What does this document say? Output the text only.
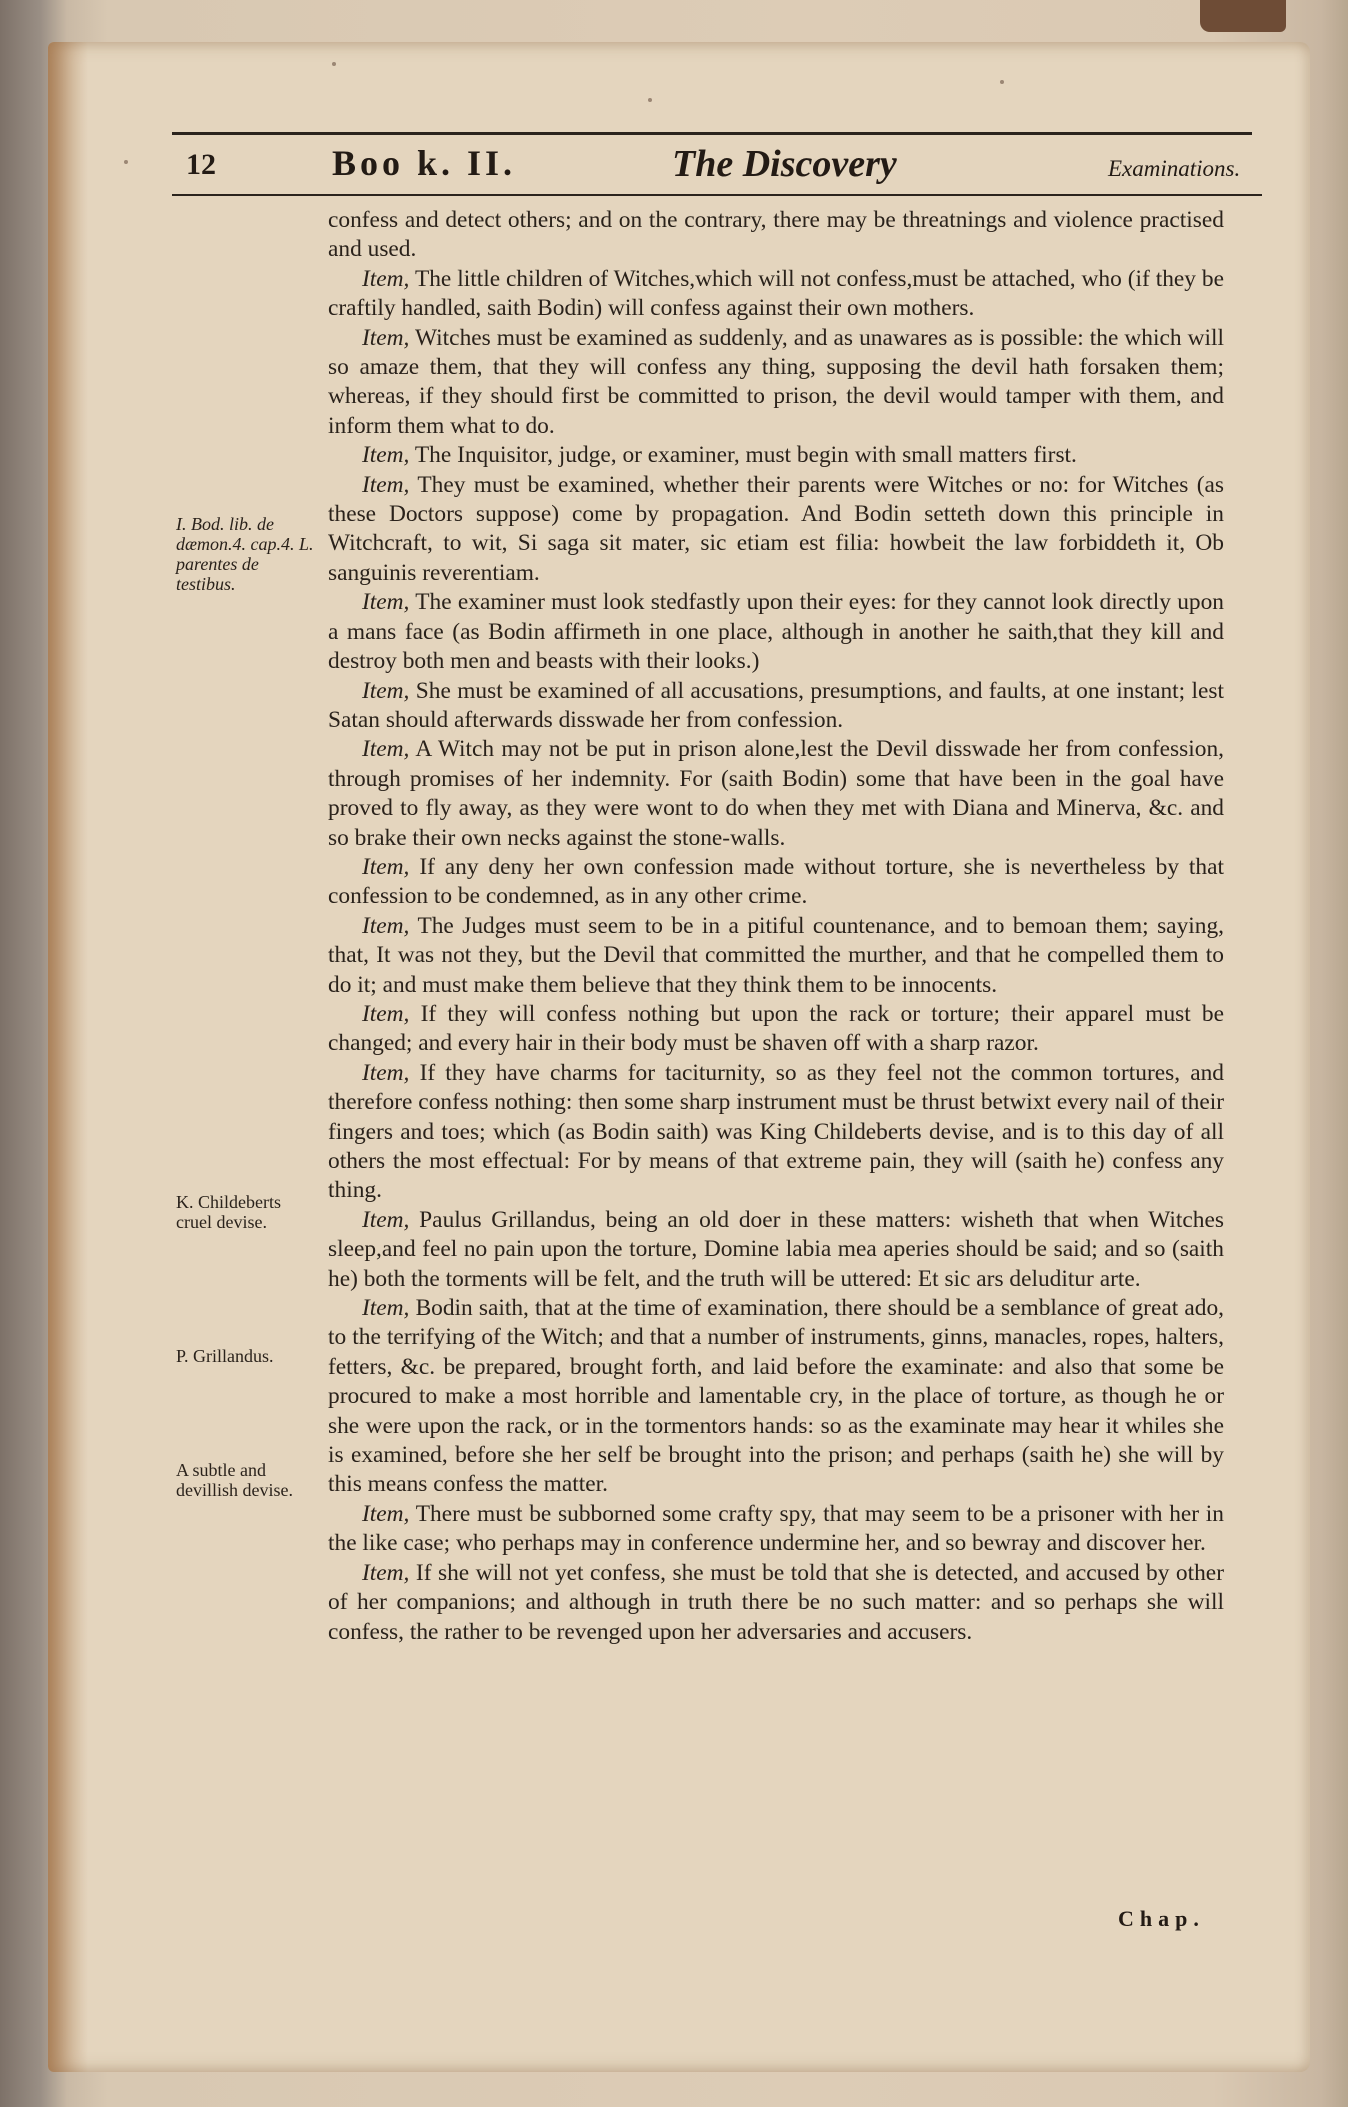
12	Boo k. II.	The Discovery	Examinations.
I. Bod. lib. de dæmon.4. cap.4. L. parentes de testibus.
K. Childeberts cruel devise.
P. Grillandus.
A subtle and devillish devise.

confess and detect others; and on the contrary, there may be threatnings and violence practised and used.

Item, The little children of Witches,which will not confess,must be attached, who (if they be craftily handled, saith Bodin) will confess against their own mothers.

Item, Witches must be examined as suddenly, and as unawares as is possible: the which will so amaze them, that they will confess any thing, supposing the devil hath forsaken them; whereas, if they should first be committed to prison, the devil would tamper with them, and inform them what to do.

Item, The Inquisitor, judge, or examiner, must begin with small matters first.

Item, They must be examined, whether their parents were Witches or no: for Witches (as these Doctors suppose) come by propagation. And Bodin setteth down this principle in Witchcraft, to wit, Si saga sit mater, sic etiam est filia: howbeit the law forbiddeth it, Ob sanguinis reverentiam.

Item, The examiner must look stedfastly upon their eyes: for they cannot look directly upon a mans face (as Bodin affirmeth in one place, although in another he saith,that they kill and destroy both men and beasts with their looks.)

Item, She must be examined of all accusations, presumptions, and faults, at one instant; lest Satan should afterwards disswade her from confession.

Item, A Witch may not be put in prison alone,lest the Devil disswade her from confession, through promises of her indemnity. For (saith Bodin) some that have been in the goal have proved to fly away, as they were wont to do when they met with Diana and Minerva, &c. and so brake their own necks against the stone-walls.

Item, If any deny her own confession made without torture, she is nevertheless by that confession to be condemned, as in any other crime.

Item, The Judges must seem to be in a pitiful countenance, and to bemoan them; saying, that, It was not they, but the Devil that committed the murther, and that he compelled them to do it; and must make them believe that they think them to be innocents.

Item, If they will confess nothing but upon the rack or torture; their apparel must be changed; and every hair in their body must be shaven off with a sharp razor.

Item, If they have charms for taciturnity, so as they feel not the common tortures, and therefore confess nothing: then some sharp instrument must be thrust betwixt every nail of their fingers and toes; which (as Bodin saith) was King Childeberts devise, and is to this day of all others the most effectual: For by means of that extreme pain, they will (saith he) confess any thing.

Item, Paulus Grillandus, being an old doer in these matters: wisheth that when Witches sleep,and feel no pain upon the torture, Domine labia mea aperies should be said; and so (saith he) both the torments will be felt, and the truth will be uttered: Et sic ars deluditur arte.

Item, Bodin saith, that at the time of examination, there should be a semblance of great ado, to the terrifying of the Witch; and that a number of instruments, ginns, manacles, ropes, halters, fetters, &c. be prepared, brought forth, and laid before the examinate: and also that some be procured to make a most horrible and lamentable cry, in the place of torture, as though he or she were upon the rack, or in the tormentors hands: so as the examinate may hear it whiles she is examined, before she her self be brought into the prison; and perhaps (saith he) she will by this means confess the matter.

Item, There must be subborned some crafty spy, that may seem to be a prisoner with her in the like case; who perhaps may in conference undermine her, and so bewray and discover her.

Item, If she will not yet confess, she must be told that she is detected, and accused by other of her companions; and although in truth there be no such matter: and so perhaps she will confess, the rather to be revenged upon her adversaries and accusers.

Chap.
